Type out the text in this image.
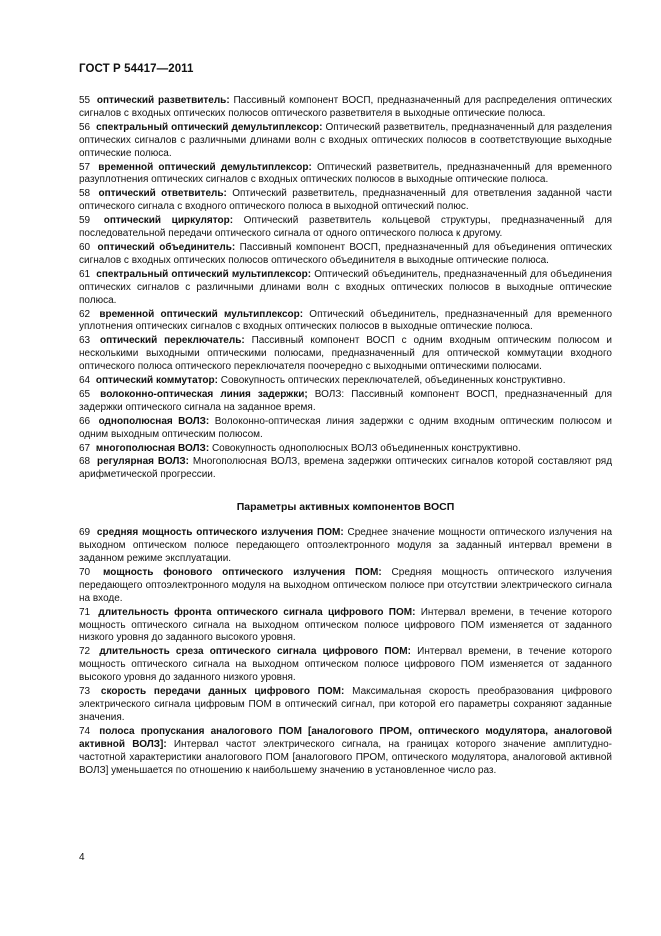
ГОСТ Р 54417—2011
55 оптический разветвитель: Пассивный компонент ВОСП, предназначенный для распределения оптических сигналов с входных оптических полюсов оптического разветвителя в выходные оптические полюса.
56 спектральный оптический демультиплексор: Оптический разветвитель, предназначенный для разделения оптических сигналов с различными длинами волн с входных оптических полюсов в соответствующие выходные оптические полюса.
57 временной оптический демультиплексор: Оптический разветвитель, предназначенный для временного разуплотнения оптических сигналов с входных оптических полюсов в выходные оптические полюса.
58 оптический ответвитель: Оптический разветвитель, предназначенный для ответвления заданной части оптического сигнала с входного оптического полюса в выходной оптический полюс.
59 оптический циркулятор: Оптический разветвитель кольцевой структуры, предназначенный для последовательной передачи оптического сигнала от одного оптического полюса к другому.
60 оптический объединитель: Пассивный компонент ВОСП, предназначенный для объединения оптических сигналов с входных оптических полюсов оптического объединителя в выходные оптические полюса.
61 спектральный оптический мультиплексор: Оптический объединитель, предназначенный для объединения оптических сигналов с различными длинами волн с входных оптических полюсов в выходные оптические полюса.
62 временной оптический мультиплексор: Оптический объединитель, предназначенный для временного уплотнения оптических сигналов с входных оптических полюсов в выходные оптические полюса.
63 оптический переключатель: Пассивный компонент ВОСП с одним входным оптическим полюсом и несколькими выходными оптическими полюсами, предназначенный для оптической коммутации входного оптического полюса оптического переключателя поочередно с выходными оптическими полюсами.
64 оптический коммутатор: Совокупность оптических переключателей, объединенных конструктивно.
65 волоконно-оптическая линия задержки; ВОЛЗ: Пассивный компонент ВОСП, предназначенный для задержки оптического сигнала на заданное время.
66 однополюсная ВОЛЗ: Волоконно-оптическая линия задержки с одним входным оптическим полюсом и одним выходным оптическим полюсом.
67 многополюсная ВОЛЗ: Совокупность однополюсных ВОЛЗ объединенных конструктивно.
68 регулярная ВОЛЗ: Многополюсная ВОЛЗ, времена задержки оптических сигналов которой составляют ряд арифметической прогрессии.
Параметры активных компонентов ВОСП
69 средняя мощность оптического излучения ПОМ: Среднее значение мощности оптического излучения на выходном оптическом полюсе передающего оптоэлектронного модуля за заданный интервал времени в заданном режиме эксплуатации.
70 мощность фонового оптического излучения ПОМ: Средняя мощность оптического излучения передающего оптоэлектронного модуля на выходном оптическом полюсе при отсутствии электрического сигнала на входе.
71 длительность фронта оптического сигнала цифрового ПОМ: Интервал времени, в течение которого мощность оптического сигнала на выходном оптическом полюсе цифрового ПОМ изменяется от заданного низкого уровня до заданного высокого уровня.
72 длительность среза оптического сигнала цифрового ПОМ: Интервал времени, в течение которого мощность оптического сигнала на выходном оптическом полюсе цифрового ПОМ изменяется от заданного высокого уровня до заданного низкого уровня.
73 скорость передачи данных цифрового ПОМ: Максимальная скорость преобразования цифрового электрического сигнала цифровым ПОМ в оптический сигнал, при которой его параметры сохраняют заданные значения.
74 полоса пропускания аналогового ПОМ [аналогового ПРОМ, оптического модулятора, аналоговой активной ВОЛЗ]: Интервал частот электрического сигнала, на границах которого значение амплитудно-частотной характеристики аналогового ПОМ [аналогового ПРОМ, оптического модулятора, аналоговой активной ВОЛЗ] уменьшается по отношению к наибольшему значению в установленное число раз.
4
